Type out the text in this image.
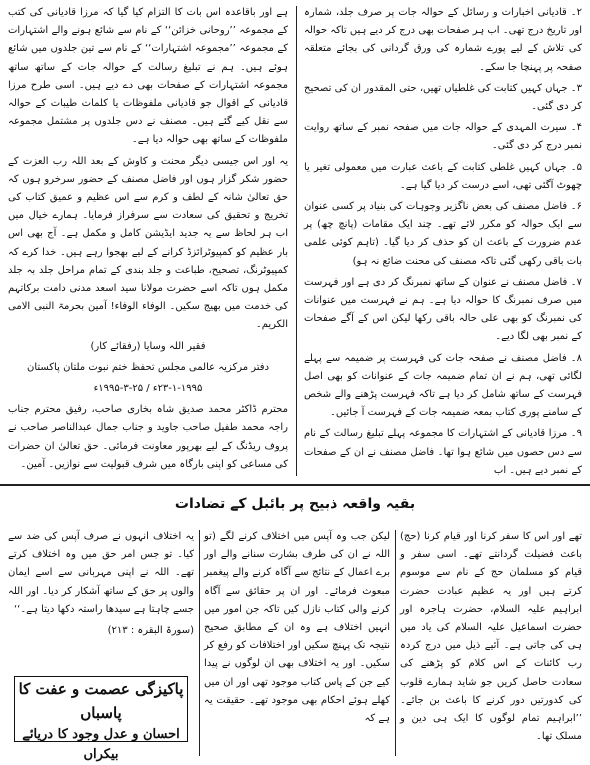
ہے اور باقاعدہ اس بات کا التزام کیا گیا کہ مرزا قادیانی کی کتب کے مجموعہ ’’روحانی خزائن‘‘ کے نام سے شائع ہونے والے اشتہارات کے مجموعہ ’’مجموعہ اشتہارات‘‘ کے نام سے تین جلدوں میں شائع ہوئے ہیں۔ ہم نے تبلیغ رسالت کے حوالہ جات کے ساتھ ساتھ مجموعہ اشتہارات کے صفحات بھی دے دیے ہیں۔ اسی طرح مرزا قادیانی کے اقوال جو قادیانی ملفوظات یا کلمات طیبات کے حوالہ سے نقل کیے گئے ہیں۔ مصنف نے دس جلدوں پر مشتمل مجموعہ ملفوظات کے ساتھ بھی حوالہ دیا ہے۔

یہ اور اس جیسی دیگر محنت و کاوش کے بعد اللہ رب العزت کے حضور شکر گزار ہوں اور فاضل مصنف کے حضور سرخرو ہوں کہ حق تعالیٰ شانہ کے لطف و کرم سے اس عظیم و عمیق کتاب کی تخریج و تحقیق کی سعادت سے سرفراز فرمایا۔ ہمارے خیال میں اب ہر لحاظ سے یہ جدید ایڈیشن کامل و مکمل ہے۔ آج بھی اس بار عظیم کو کمپیوٹرائزڈ کرانے کے لیے بھجوا رہے ہیں۔ خدا کرے کہ کمپیوٹرنگ، تصحیح، طباعت و جلد بندی کے تمام مراحل جلد بہ جلد مکمل ہوں تاکہ اسے حضرت مولانا سید اسعد مدنی دامت برکاتہم کی خدمت میں بھیج سکیں۔ الوفاء الوفاء! آمین بحرمۃ النبی الامی الکریم۔

فقیر اللہ وسایا (رفقائے کار)

دفتر مرکزیہ عالمی مجلس تحفظ ختم نبوت ملتان پاکستان

۲۳-۱-۱۹۹۵ء / ۲۵-۳-۱۹۹۵ء

محترم ڈاکٹر محمد صدیق شاہ بخاری صاحب، رفیق محترم جناب راجہ محمد طفیل صاحب جاوید و جناب جمال عبدالناصر صاحب نے پروف ریڈنگ کے لیے بھرپور معاونت فرمائی۔ حق تعالیٰ ان حضرات کی مساعی کو اپنی بارگاہ میں شرف قبولیت سے نوازیں۔ آمین۔

۲۔ قادیانی اخبارات و رسائل کے حوالہ جات پر صرف جلد، شمارہ اور تاریخ درج تھی۔ اب ہر صفحات بھی درج کر دیے ہیں تاکہ حوالہ کی تلاش کے لیے پورے شمارہ کی ورق گردانی کی بجائے متعلقہ صفحہ پر پہنچا جا سکے۔

۳۔ جہاں کہیں کتابت کی غلطیاں تھیں، حتی المقدور ان کی تصحیح کر دی گئی۔

۴۔ سیرت المہدی کے حوالہ جات میں صفحہ نمبر کے ساتھ روایت نمبر درج کر دی گئی۔

۵۔ جہاں کہیں غلطی کتابت کے باعث عبارت میں معمولی تغیر یا چھوٹ آگئی تھی، اسے درست کر دیا گیا ہے۔

۶۔ فاضل مصنف کی بعض ناگزیر وجوہات کی بنیاد پر کسی عنوان سے ایک حوالہ کو مکرر لائے تھے۔ چند ایک مقامات (پانچ چھ) پر عدم ضرورت کے باعث ان کو حذف کر دیا گیا۔ (تاہم کوئی علمی بات باقی رکھی گئی تاکہ مصنف کی محنت ضائع نہ ہو)

۷۔ فاضل مصنف نے عنوان کے ساتھ نمبرنگ کر دی ہے اور فہرست میں صرف نمبرنگ کا حوالہ دیا ہے۔ ہم نے فہرست میں عنوانات کی نمبرنگ کو بھی علی حالہ باقی رکھا لیکن اس کے آگے صفحات کے نمبر بھی لگا دیے۔

۸۔ فاضل مصنف نے صفحہ جات کی فہرست پر ضمیمہ سے پہلے لگائی تھی، ہم نے ان تمام ضمیمہ جات کے عنوانات کو بھی اصل فہرست کے ساتھ شامل کر دیا ہے تاکہ فہرست پڑھنے والے شخص کے سامنے پوری کتاب بمعہ ضمیمہ جات کے فہرست آ جائیں۔

۹۔ مرزا قادیانی کے اشتہارات کا مجموعہ پہلے تبلیغ رسالت کے نام سے دس حصوں میں شائع ہوا تھا۔ فاضل مصنف نے ان کے صفحات کے نمبر دیے ہیں۔ اب

بقیہ واقعہ ذبیح پر بائبل کے تضادات
تھے اور اس کا سفر کرنا اور قیام کرنا (حج) باعث فضیلت گردانتے تھے۔ اسی سفر و قیام کو مسلمان حج کے نام سے موسوم کرتے ہیں اور یہ عظیم عبادت حضرت ابراہیم علیہ السلام، حضرت ہاجرہ اور حضرت اسماعیل علیہ السلام کی یاد میں ہی کی جاتی ہے۔ آئیے ذیل میں درج کردہ رب کائنات کے اس کلام کو پڑھنے کی سعادت حاصل کریں جو شاید ہمارے قلوب کی کدورتیں دور کرنے کا باعث بن جائے۔ ’’ابراہیم تمام لوگوں کا ایک ہی دین و مسلک تھا۔
لیکن جب وہ آپس میں اختلاف کرنے لگے (تو اللہ نے ان کی طرف بشارت سنانے والے اور برے اعمال کے نتائج سے آگاہ کرنے والے پیغمبر مبعوث فرمائے۔ اور ان پر حقائق سے آگاہ کرنے والی کتاب نازل کیں تاکہ جن امور میں انہیں اختلاف ہے وہ ان کے مطابق صحیح نتیجہ تک پہنچ سکیں اور اختلافات کو رفع کر سکیں۔ اور یہ اختلاف بھی ان لوگوں نے پیدا کیے جن کے پاس کتاب موجود تھی اور ان میں کھلے ہوئے احکام بھی موجود تھے۔ حقیقت یہ ہے کہ

یہ اختلاف انہوں نے صرف آپس کی ضد سے کیا۔ تو جس امر حق میں وہ اختلاف کرتے تھے۔ اللہ نے اپنی مہربانی سے اسے ایمان والوں پر حق کے ساتھ آشکار کر دیا۔ اور اللہ جسے چاہتا ہے سیدھا راستہ دکھا دیتا ہے۔‘‘

(سورۃ البقرہ : ۲۱۳)

پاکیزگی عصمت و عفت کا پاسباں
احسان و عدل وجود کا دریائے بیکراں
